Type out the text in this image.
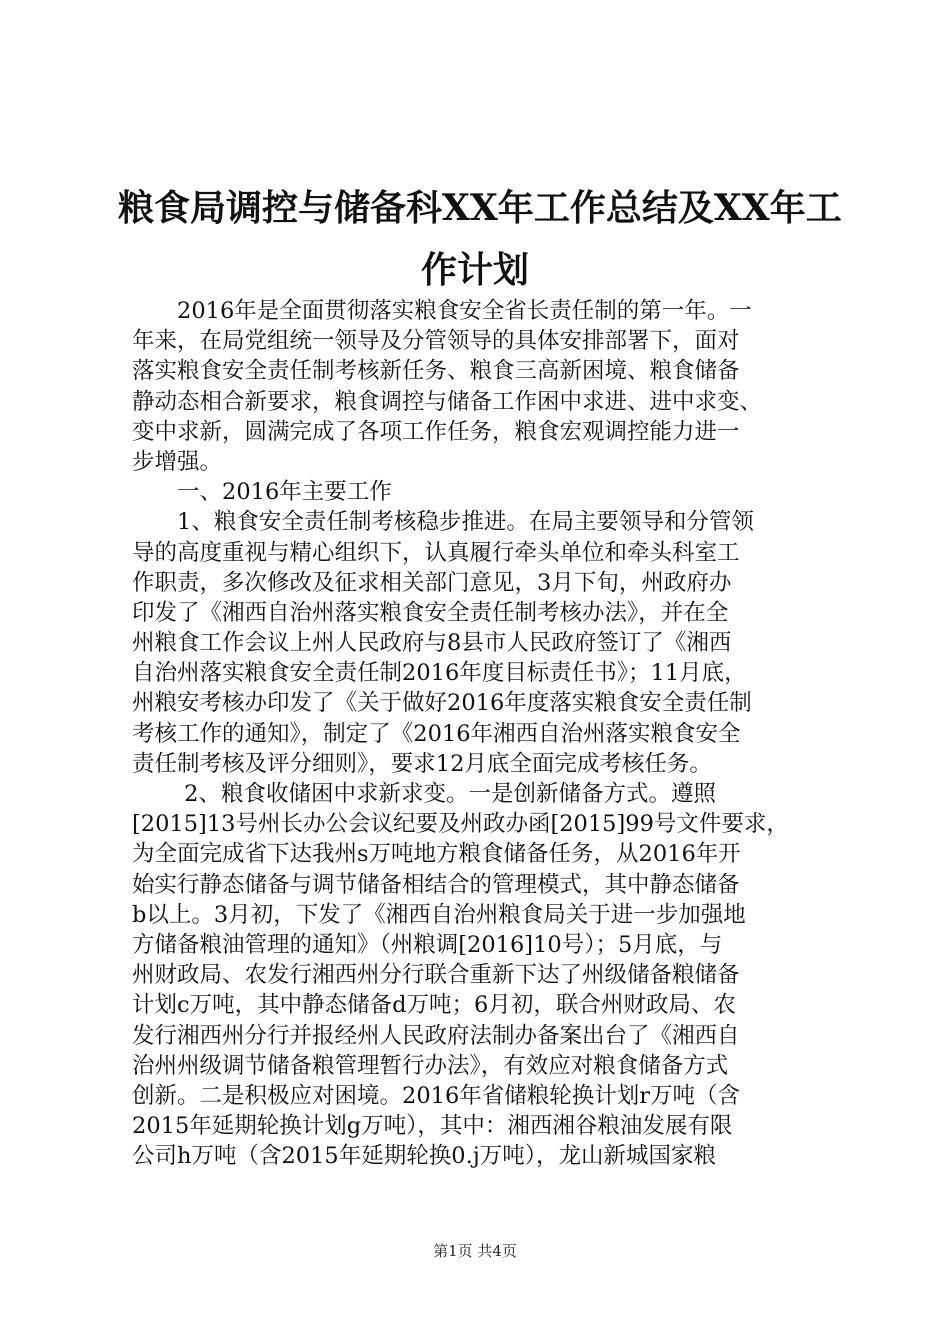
粮食局调控与储备科XX年工作总结及XX年工
作计划
　　2016年是全面贯彻落实粮食安全省长责任制的第一年。一
年来，在局党组统一领导及分管领导的具体安排部署下，面对
落实粮食安全责任制考核新任务、粮食三高新困境、粮食储备
静动态相合新要求，粮食调控与储备工作困中求进、进中求变、
变中求新，圆满完成了各项工作任务，粮食宏观调控能力进一
步增强。
　　一、2016年主要工作
　　1、粮食安全责任制考核稳步推进。在局主要领导和分管领
导的高度重视与精心组织下，认真履行牵头单位和牵头科室工
作职责，多次修改及征求相关部门意见，3月下旬，州政府办
印发了《湘西自治州落实粮食安全责任制考核办法》，并在全
州粮食工作会议上州人民政府与8县市人民政府签订了《湘西
自治州落实粮食安全责任制2016年度目标责任书》；11月底，
州粮安考核办印发了《关于做好2016年度落实粮食安全责任制
考核工作的通知》，制定了《2016年湘西自治州落实粮食安全
责任制考核及评分细则》，要求12月底全面完成考核任务。
　　 2、粮食收储困中求新求变。一是创新储备方式。遵照
[2015]13号州长办公会议纪要及州政办函[2015]99号文件要求，
为全面完成省下达我州s万吨地方粮食储备任务，从2016年开
始实行静态储备与调节储备相结合的管理模式，其中静态储备
b以上。3月初，下发了《湘西自治州粮食局关于进一步加强地
方储备粮油管理的通知》（州粮调[2016]10号）；5月底，与
州财政局、农发行湘西州分行联合重新下达了州级储备粮储备
计划c万吨，其中静态储备d万吨；6月初，联合州财政局、农
发行湘西州分行并报经州人民政府法制办备案出台了《湘西自
治州州级调节储备粮管理暂行办法》，有效应对粮食储备方式
创新。二是积极应对困境。2016年省储粮轮换计划r万吨（含
2015年延期轮换计划g万吨），其中：湘西湘谷粮油发展有限
公司h万吨（含2015年延期轮换0.j万吨），龙山新城国家粮
第1页 共4页
